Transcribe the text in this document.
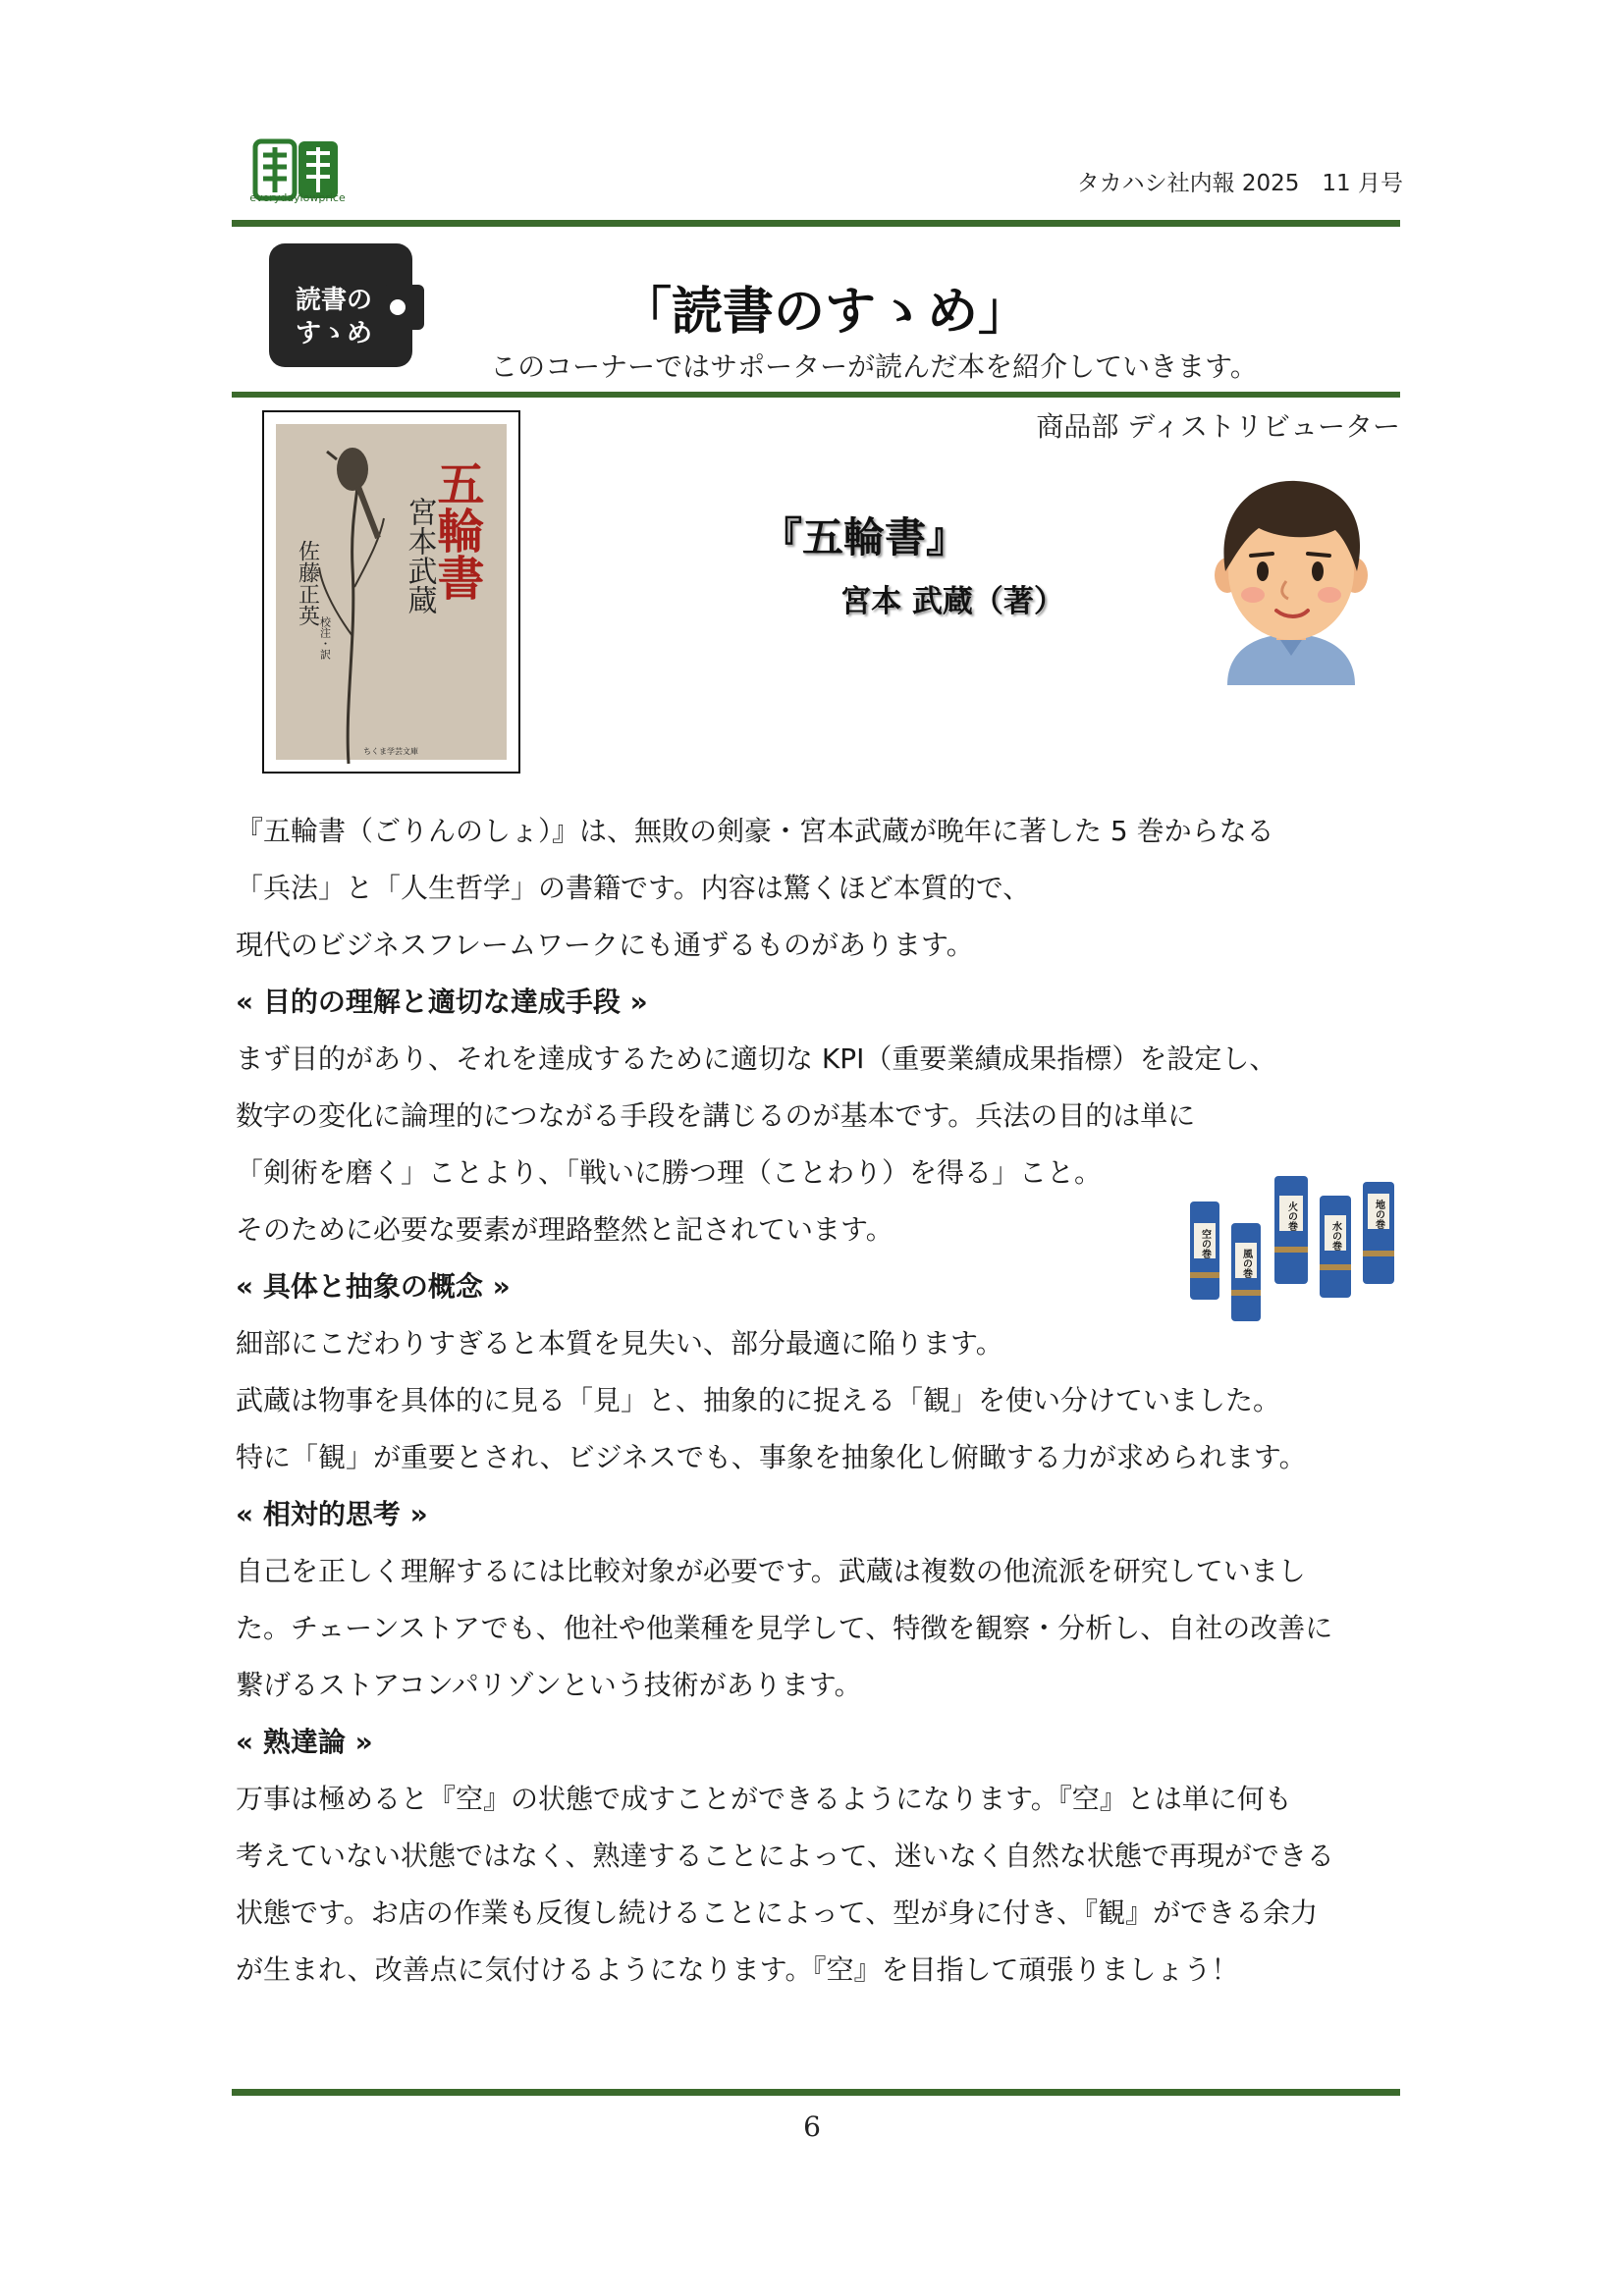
everydaylowprice
タカハシ社内報 2025　11 月号
読書の
すゝめ	「読書のすゝめ」
このコーナーではサポーターが読んだ本を紹介していきます。
商品部 ディストリビューター
五輪書
宮本武蔵
佐藤正英
校注・訳
ちくま学芸文庫
『五輪書』
宮本 武蔵（著）
空の巻
風の巻
火の巻
水の巻
地の巻
『五輪書（ごりんのしょ）』は、無敗の剣豪・宮本武蔵が晩年に著した 5 巻からなる
「兵法」と「人生哲学」の書籍です。内容は驚くほど本質的で、
現代のビジネスフレームワークにも通ずるものがあります。
« 目的の理解と適切な達成手段 »
まず目的があり、それを達成するために適切な KPI（重要業績成果指標）を設定し、
数字の変化に論理的につながる手段を講じるのが基本です。兵法の目的は単に
「剣術を磨く」ことより、「戦いに勝つ理（ことわり）を得る」こと。
そのために必要な要素が理路整然と記されています。
« 具体と抽象の概念 »
細部にこだわりすぎると本質を見失い、部分最適に陥ります。
武蔵は物事を具体的に見る「見」と、抽象的に捉える「観」を使い分けていました。
特に「観」が重要とされ、ビジネスでも、事象を抽象化し俯瞰する力が求められます。
« 相対的思考 »
自己を正しく理解するには比較対象が必要です。武蔵は複数の他流派を研究していまし
た。チェーンストアでも、他社や他業種を見学して、特徴を観察・分析し、自社の改善に
繋げるストアコンパリゾンという技術があります。
« 熟達論 »
万事は極めると『空』の状態で成すことができるようになります。『空』とは単に何も
考えていない状態ではなく、熟達することによって、迷いなく自然な状態で再現ができる
状態です。お店の作業も反復し続けることによって、型が身に付き、『観』ができる余力
が生まれ、改善点に気付けるようになります。『空』を目指して頑張りましょう！
6
